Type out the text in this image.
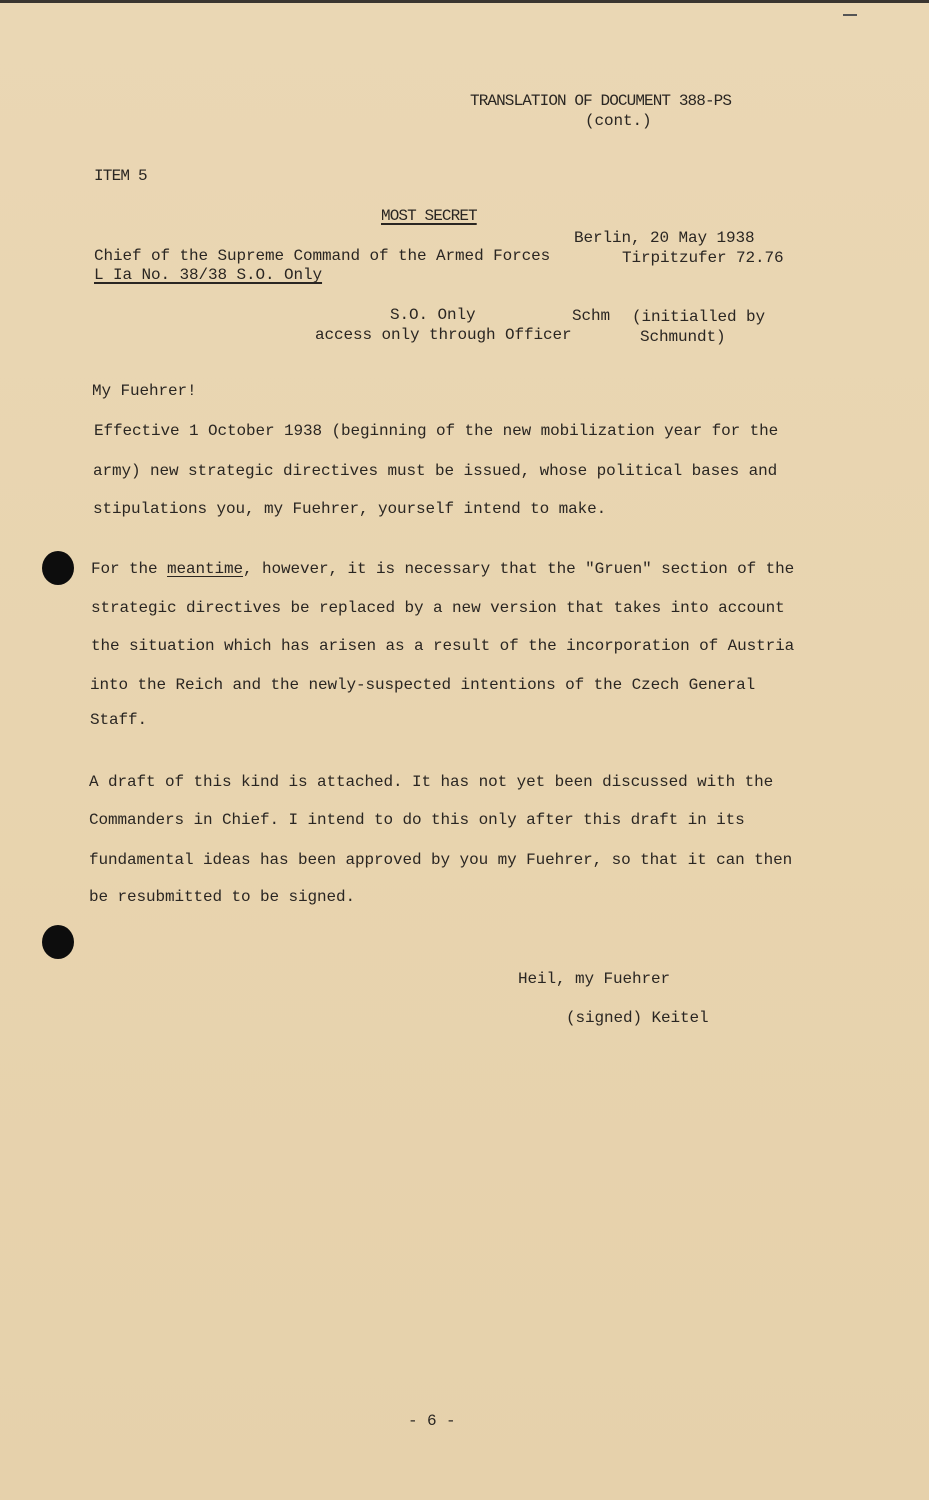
TRANSLATION OF DOCUMENT 388-PS
(cont.)
ITEM 5
MOST SECRET
Berlin, 20 May 1938
Chief of the Supreme Command of the Armed Forces	Tirpitzufer 72.76
L Ia No. 38/38 S.O. Only
S.O. Only	Schm (initialled by
access only through Officer	Schmundt)
My Fuehrer!
Effective 1 October 1938 (beginning of the new mobilization year for the
army) new strategic directives must be issued, whose political bases and
stipulations you, my Fuehrer, yourself intend to make.
For the meantime, however, it is necessary that the "Gruen" section of the
strategic directives be replaced by a new version that takes into account
the situation which has arisen as a result of the incorporation of Austria
into the Reich and the newly-suspected intentions of the Czech General
Staff.
A draft of this kind is attached. It has not yet been discussed with the
Commanders in Chief. I intend to do this only after this draft in its
fundamental ideas has been approved by you my Fuehrer, so that it can then
be resubmitted to be signed.
Heil, my Fuehrer
(signed) Keitel
- 6 -
